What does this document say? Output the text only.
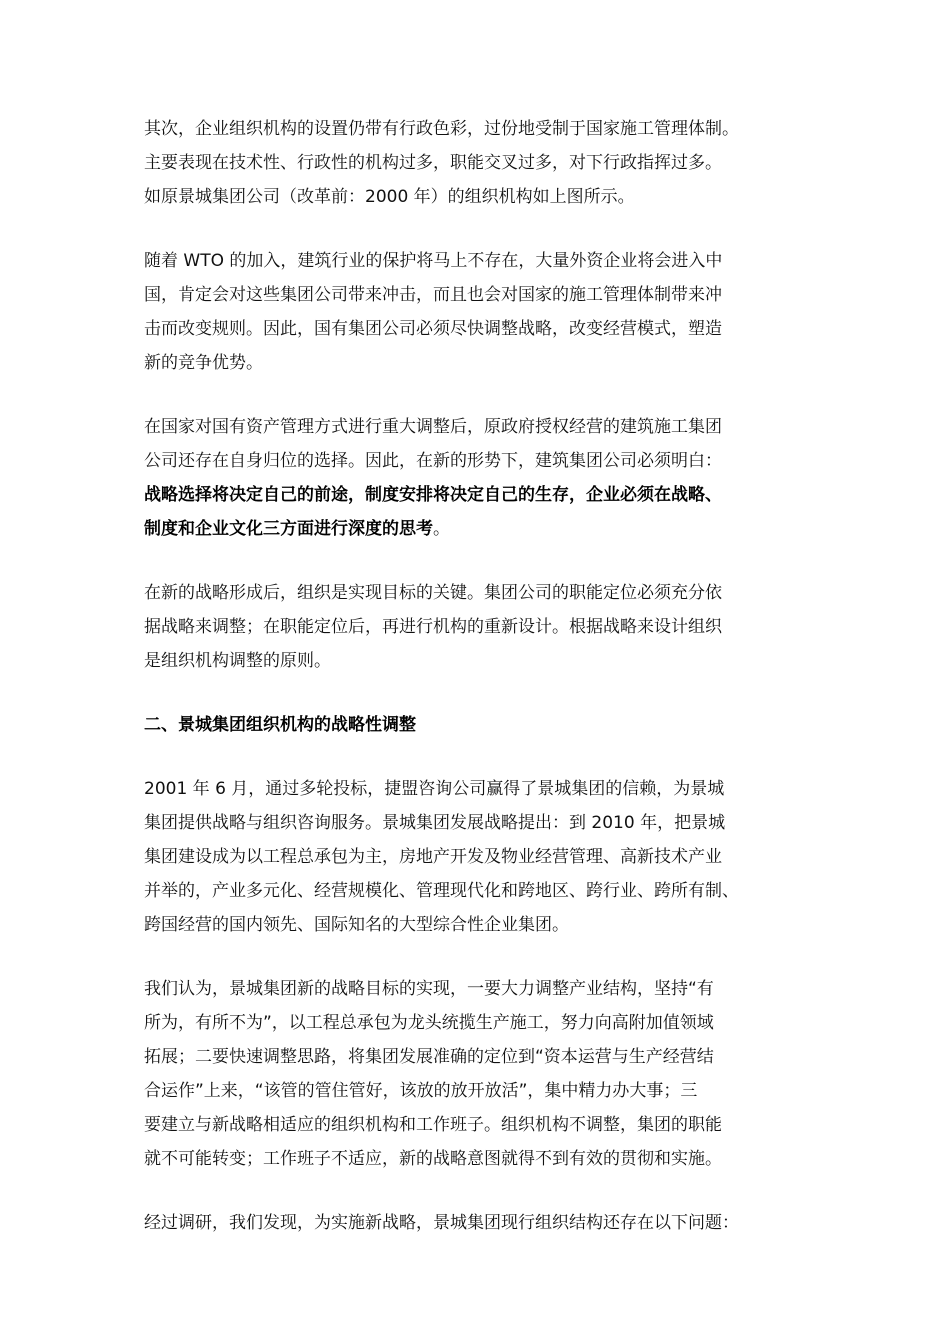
其次，企业组织机构的设置仍带有行政色彩，过份地受制于国家施工管理体制。
主要表现在技术性、行政性的机构过多，职能交叉过多，对下行政指挥过多。
如原景城集团公司（改革前：2000 年）的组织机构如上图所示。
随着 WTO 的加入，建筑行业的保护将马上不存在，大量外资企业将会进入中
国，肯定会对这些集团公司带来冲击，而且也会对国家的施工管理体制带来冲
击而改变规则。因此，国有集团公司必须尽快调整战略，改变经营模式，塑造
新的竞争优势。
在国家对国有资产管理方式进行重大调整后，原政府授权经营的建筑施工集团
公司还存在自身归位的选择。因此，在新的形势下，建筑集团公司必须明白：
战略选择将决定自己的前途，制度安排将决定自己的生存，企业必须在战略、
制度和企业文化三方面进行深度的思考。
在新的战略形成后，组织是实现目标的关键。集团公司的职能定位必须充分依
据战略来调整；在职能定位后，再进行机构的重新设计。根据战略来设计组织
是组织机构调整的原则。
二、景城集团组织机构的战略性调整
2001 年 6 月，通过多轮投标，捷盟咨询公司赢得了景城集团的信赖，为景城
集团提供战略与组织咨询服务。景城集团发展战略提出：到 2010 年，把景城
集团建设成为以工程总承包为主，房地产开发及物业经营管理、高新技术产业
并举的，产业多元化、经营规模化、管理现代化和跨地区、跨行业、跨所有制、
跨国经营的国内领先、国际知名的大型综合性企业集团。
我们认为，景城集团新的战略目标的实现，一要大力调整产业结构，坚持“有
所为，有所不为”，以工程总承包为龙头统揽生产施工，努力向高附加值领域
拓展；二要快速调整思路，将集团发展准确的定位到“资本运营与生产经营结
合运作”上来，“该管的管住管好，该放的放开放活”，集中精力办大事；三
要建立与新战略相适应的组织机构和工作班子。组织机构不调整，集团的职能
就不可能转变；工作班子不适应，新的战略意图就得不到有效的贯彻和实施。
经过调研，我们发现，为实施新战略，景城集团现行组织结构还存在以下问题：
